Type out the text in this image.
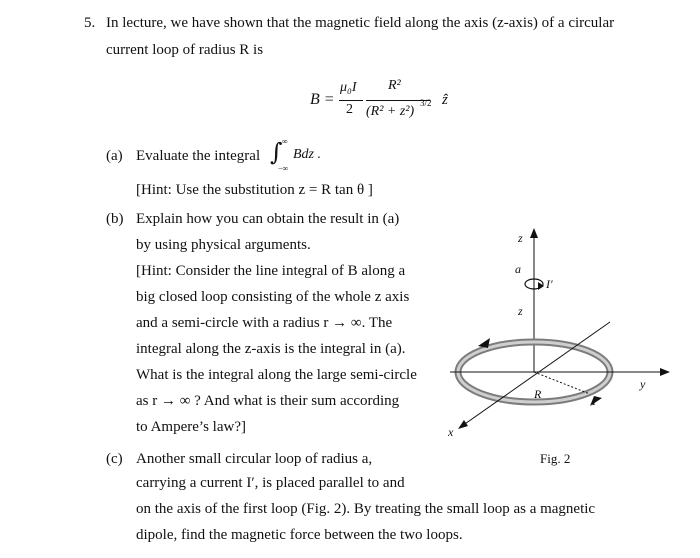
5. In lecture, we have shown that the magnetic field along the axis (z-axis) of a circular
current loop of radius R is
B =
μ₀I
2
R²
(R² + z²)
3/2 ẑ
(a) Evaluate the integral ∫ ∞
−∞
Bdz .
[Hint: Use the substitution z = R tan θ ]
(b) Explain how you can obtain the result in (a)
by using physical arguments.
[Hint: Consider the line integral of B along a
big closed loop consisting of the whole z axis
and a semi-circle with a radius r → ∞. The
integral along the z-axis is the integral in (a).
What is the integral along the large semi-circle
as r → ∞ ? And what is their sum according
to Ampere’s law?]
(c) Another small circular loop of radius a,
carrying a current I′, is placed parallel to and
on the axis of the first loop (Fig. 2). By treating the small loop as a magnetic
dipole, find the magnetic force between the two loops.
z
a
I′
z
R	I
y
x
Fig. 2
